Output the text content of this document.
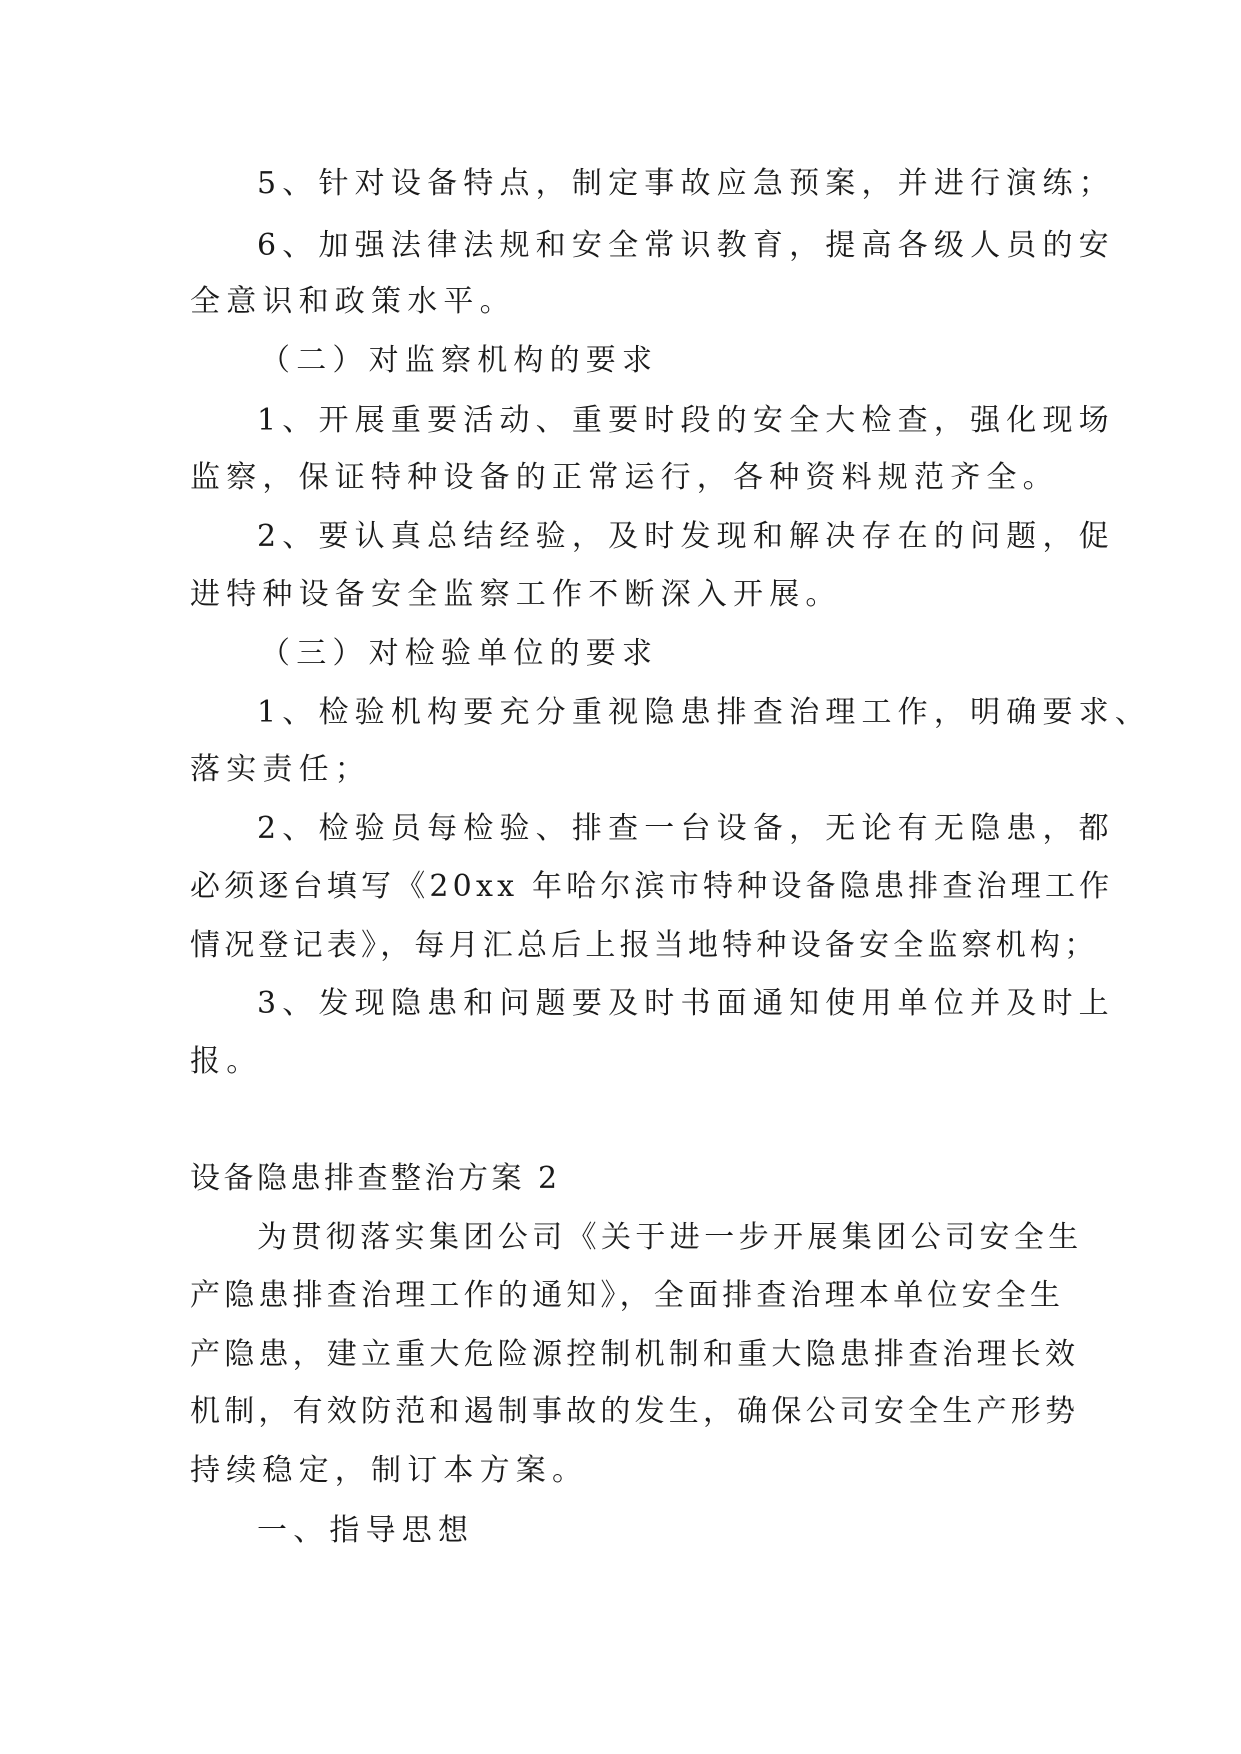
5、针对设备特点，制定事故应急预案，并进行演练；
6、加强法律法规和安全常识教育，提高各级人员的安
全意识和政策水平。
（二）对监察机构的要求
1、开展重要活动、重要时段的安全大检查，强化现场
监察，保证特种设备的正常运行，各种资料规范齐全。
2、要认真总结经验，及时发现和解决存在的问题，促
进特种设备安全监察工作不断深入开展。
（三）对检验单位的要求
1、检验机构要充分重视隐患排查治理工作，明确要求、
落实责任；
2、检验员每检验、排查一台设备，无论有无隐患，都
必须逐台填写《20xx 年哈尔滨市特种设备隐患排查治理工作
情况登记表》，每月汇总后上报当地特种设备安全监察机构；
3、发现隐患和问题要及时书面通知使用单位并及时上
报。
设备隐患排查整治方案 2
为贯彻落实集团公司《关于进一步开展集团公司安全生
产隐患排查治理工作的通知》，全面排查治理本单位安全生
产隐患，建立重大危险源控制机制和重大隐患排查治理长效
机制，有效防范和遏制事故的发生，确保公司安全生产形势
持续稳定，制订本方案。
一、指导思想
